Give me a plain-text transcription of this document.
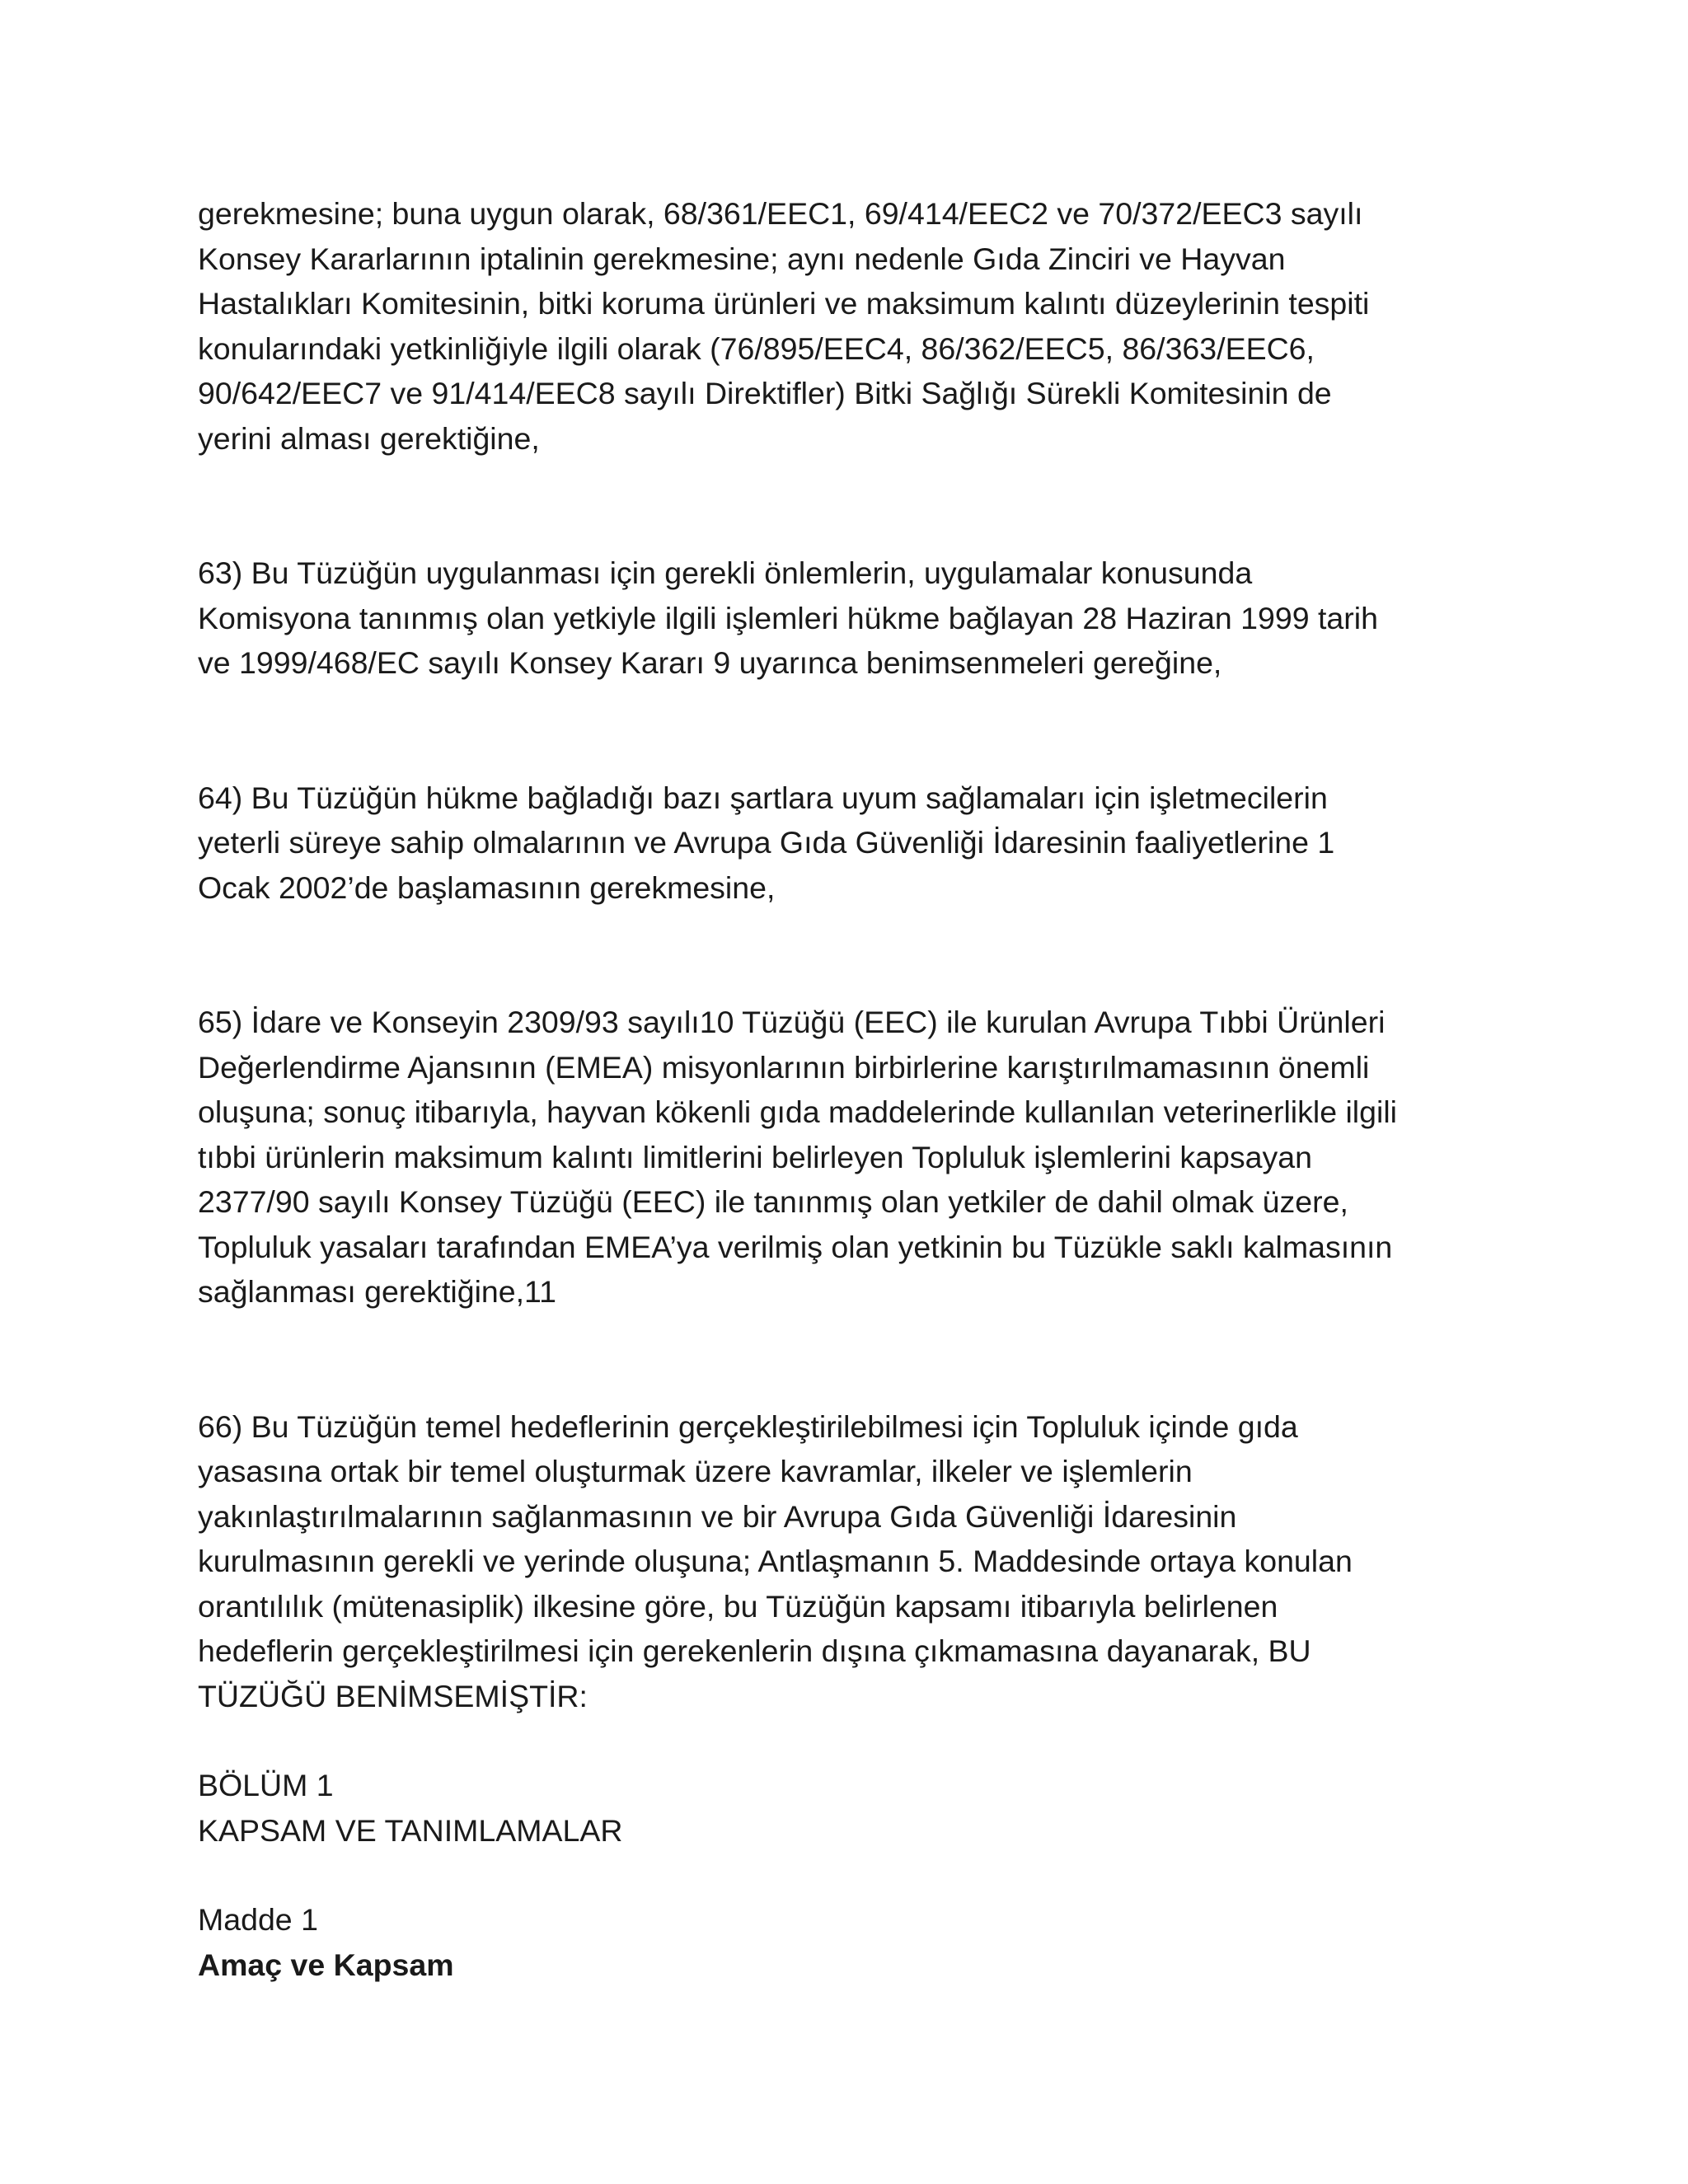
gerekmesine; buna uygun olarak, 68/361/EEC1, 69/414/EEC2 ve 70/372/EEC3 sayılı
Konsey Kararlarının iptalinin gerekmesine; aynı nedenle Gıda Zinciri ve Hayvan
Hastalıkları Komitesinin, bitki koruma ürünleri ve maksimum kalıntı düzeylerinin tespiti
konularındaki yetkinliğiyle ilgili olarak (76/895/EEC4, 86/362/EEC5, 86/363/EEC6,
90/642/EEC7 ve 91/414/EEC8 sayılı Direktifler) Bitki Sağlığı Sürekli Komitesinin de
yerini alması gerektiğine,

63) Bu Tüzüğün uygulanması için gerekli önlemlerin, uygulamalar konusunda
Komisyona tanınmış olan yetkiyle ilgili işlemleri hükme bağlayan 28 Haziran 1999 tarih
ve 1999/468/EC sayılı Konsey Kararı 9 uyarınca benimsenmeleri gereğine,

64) Bu Tüzüğün hükme bağladığı bazı şartlara uyum sağlamaları için işletmecilerin
yeterli süreye sahip olmalarının ve Avrupa Gıda Güvenliği İdaresinin faaliyetlerine 1
Ocak 2002’de başlamasının gerekmesine,

65) İdare ve Konseyin 2309/93 sayılı10 Tüzüğü (EEC) ile kurulan Avrupa Tıbbi Ürünleri
Değerlendirme Ajansının (EMEA) misyonlarının birbirlerine karıştırılmamasının önemli
oluşuna; sonuç itibarıyla, hayvan kökenli gıda maddelerinde kullanılan veterinerlikle ilgili
tıbbi ürünlerin maksimum kalıntı limitlerini belirleyen Topluluk işlemlerini kapsayan
2377/90 sayılı Konsey Tüzüğü (EEC) ile tanınmış olan yetkiler de dahil olmak üzere,
Topluluk yasaları tarafından EMEA’ya verilmiş olan yetkinin bu Tüzükle saklı kalmasının
sağlanması gerektiğine,11

66) Bu Tüzüğün temel hedeflerinin gerçekleştirilebilmesi için Topluluk içinde gıda
yasasına ortak bir temel oluşturmak üzere kavramlar, ilkeler ve işlemlerin
yakınlaştırılmalarının sağlanmasının ve bir Avrupa Gıda Güvenliği İdaresinin
kurulmasının gerekli ve yerinde oluşuna; Antlaşmanın 5. Maddesinde ortaya konulan
orantılılık (mütenasiplik) ilkesine göre, bu Tüzüğün kapsamı itibarıyla belirlenen
hedeflerin gerçekleştirilmesi için gerekenlerin dışına çıkmamasına dayanarak, BU
TÜZÜĞÜ BENİMSEMİŞTİR:

BÖLÜM 1

KAPSAM VE TANIMLAMALAR

Madde 1

Amaç ve Kapsam
